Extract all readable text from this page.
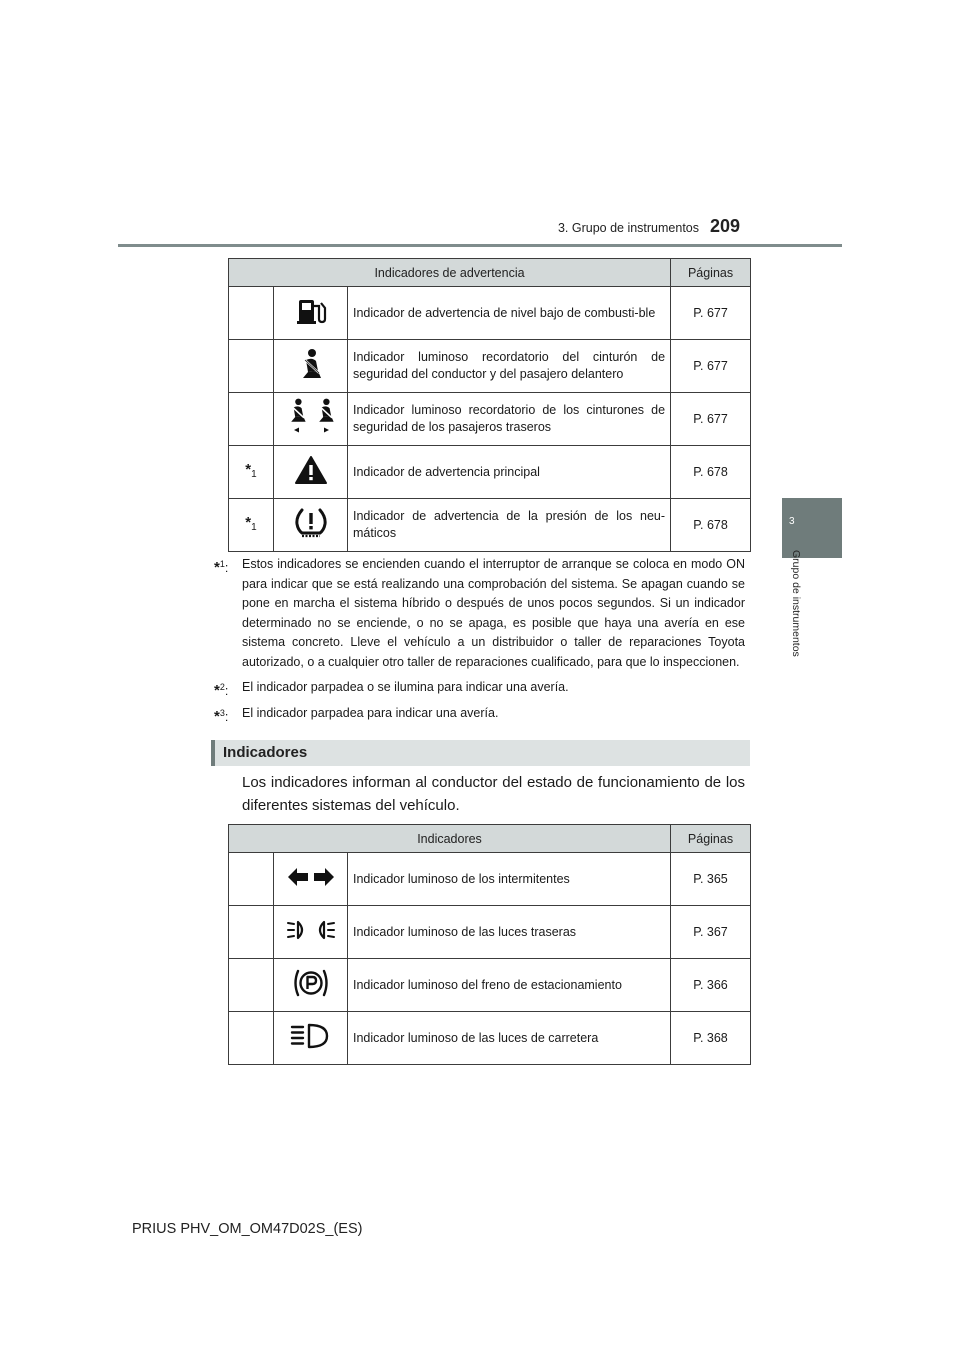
3. Grupo de instrumentos 209
3
Grupo de instrumentos
Indicadores de advertencia			Páginas
		Indicador de advertencia de nivel bajo de combusti-ble	P. 677
		Indicador luminoso recordatorio del cinturón de seguridad del conductor y del pasajero delantero	P. 677
		Indicador luminoso recordatorio de los cinturones de seguridad de los pasajeros traseros	P. 677
$*_1$		Indicador de advertencia principal	P. 678
$*_1$		Indicador de advertencia de la presión de los neu-máticos	P. 678
*$^1$: Estos indicadores se encienden cuando el interruptor de arranque se coloca en modo ON para indicar que se está realizando una comprobación del sistema. Se apagan cuando se pone en marcha el sistema híbrido o después de unos pocos segundos. Si un indicador determinado no se enciende, o no se apaga, es posible que haya una avería en ese sistema concreto. Lleve el vehículo a un distribuidor o taller de reparaciones Toyota autorizado, o a cualquier otro taller de reparaciones cualificado, para que lo inspeccionen.
*$^2$: El indicador parpadea o se ilumina para indicar una avería.
*$^3$: El indicador parpadea para indicar una avería.
Indicadores
Los indicadores informan al conductor del estado de funcionamiento de los diferentes sistemas del vehículo.
Indicadores			Páginas
		Indicador luminoso de los intermitentes	P. 365
		Indicador luminoso de las luces traseras	P. 367
		Indicador luminoso del freno de estacionamiento	P. 366
		Indicador luminoso de las luces de carretera	P. 368
PRIUS PHV_OM_OM47D02S_(ES)
